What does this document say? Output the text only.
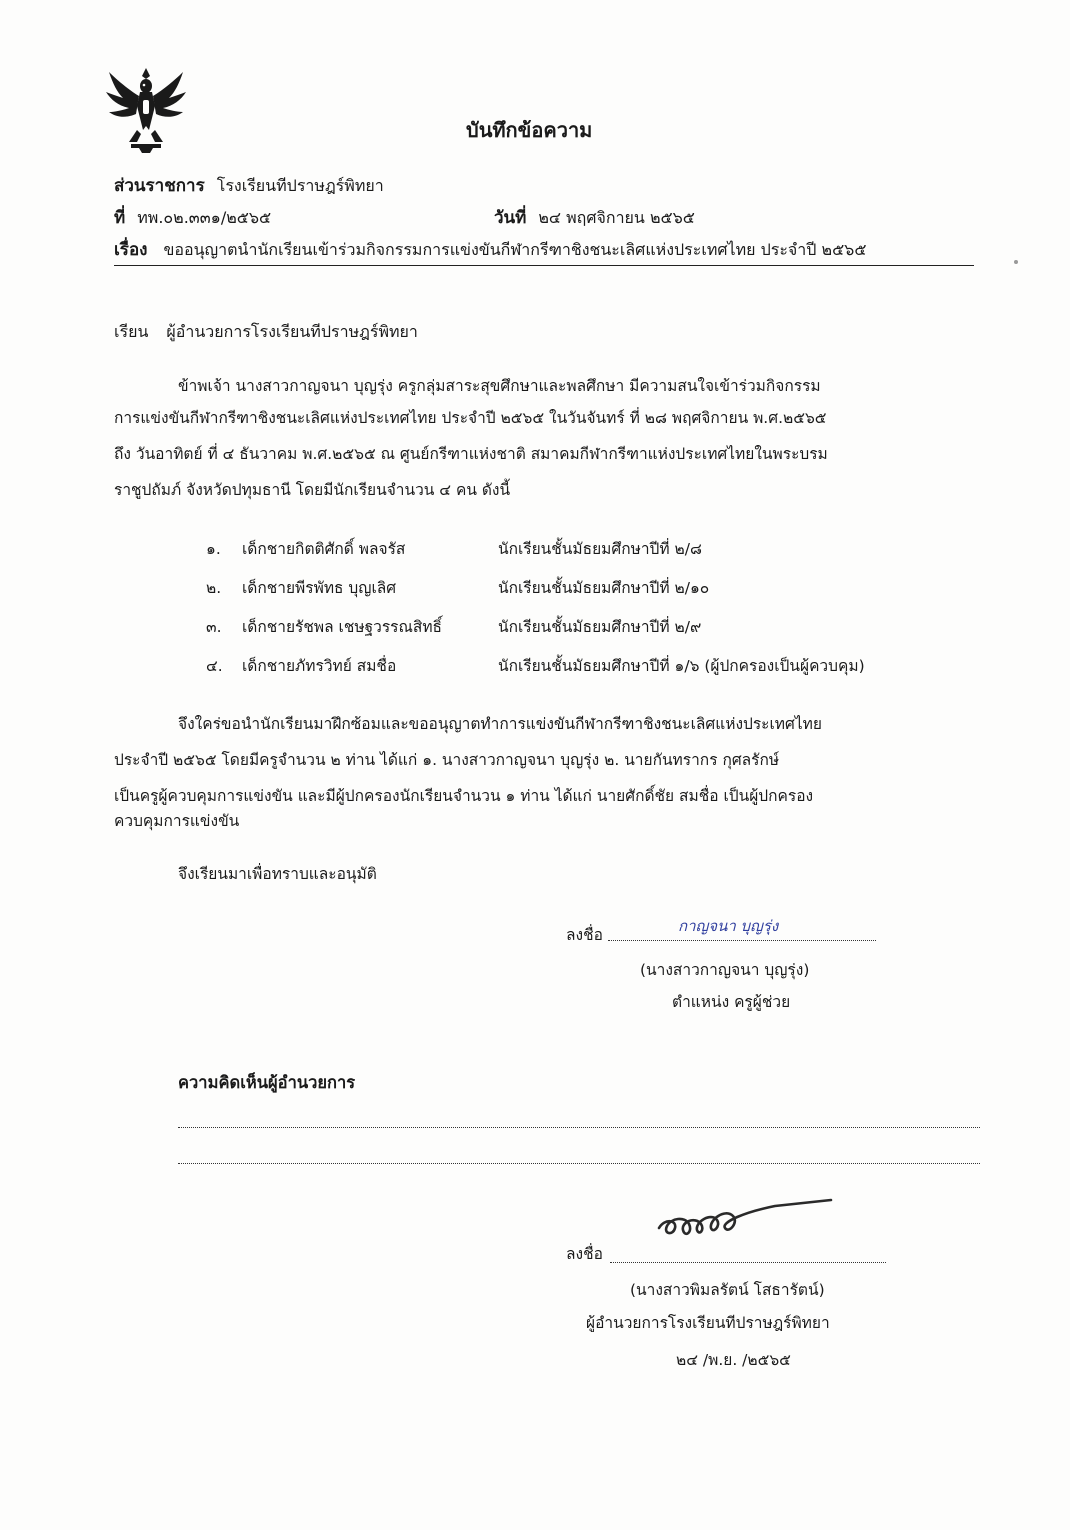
บันทึกข้อความ
ส่วนราชการ โรงเรียนทีปราษฎร์พิทยา
ที่ ทพ.๐๒.๓๓๑/๒๕๖๕	วันที่ ๒๔ พฤศจิกายน ๒๕๖๕
เรื่อง ขออนุญาตนำนักเรียนเข้าร่วมกิจกรรมการแข่งขันกีฬากรีฑาชิงชนะเลิศแห่งประเทศไทย ประจำปี ๒๕๖๕
เรียน ผู้อำนวยการโรงเรียนทีปราษฎร์พิทยา
ข้าพเจ้า นางสาวกาญจนา บุญรุ่ง ครูกลุ่มสาระสุขศึกษาและพลศึกษา มีความสนใจเข้าร่วมกิจกรรม
การแข่งขันกีฬากรีฑาชิงชนะเลิศแห่งประเทศไทย ประจำปี ๒๕๖๕ ในวันจันทร์ ที่ ๒๘ พฤศจิกายน พ.ศ.๒๕๖๕
ถึง วันอาทิตย์ ที่ ๔ ธันวาคม พ.ศ.๒๕๖๕ ณ ศูนย์กรีฑาแห่งชาติ สมาคมกีฬากรีฑาแห่งประเทศไทยในพระบรม
ราชูปถัมภ์ จังหวัดปทุมธานี โดยมีนักเรียนจำนวน ๔ คน ดังนี้
๑. เด็กชายกิตติศักดิ์ พลจรัส	นักเรียนชั้นมัธยมศึกษาปีที่ ๒/๘
๒. เด็กชายพีรพัทธ บุญเลิศ	นักเรียนชั้นมัธยมศึกษาปีที่ ๒/๑๐
๓. เด็กชายรัชพล เชษฐวรรณสิทธิ์	นักเรียนชั้นมัธยมศึกษาปีที่ ๒/๙
๔. เด็กชายภัทรวิทย์ สมชื่อ	นักเรียนชั้นมัธยมศึกษาปีที่ ๑/๖ (ผู้ปกครองเป็นผู้ควบคุม)
จึงใคร่ขอนำนักเรียนมาฝึกซ้อมและขออนุญาตทำการแข่งขันกีฬากรีฑาชิงชนะเลิศแห่งประเทศไทย
ประจำปี ๒๕๖๕ โดยมีครูจำนวน ๒ ท่าน ได้แก่ ๑. นางสาวกาญจนา บุญรุ่ง ๒. นายกันทรากร กุศลรักษ์
เป็นครูผู้ควบคุมการแข่งขัน และมีผู้ปกครองนักเรียนจำนวน ๑ ท่าน ได้แก่ นายศักดิ์ชัย สมชื่อ เป็นผู้ปกครอง
ควบคุมการแข่งขัน
จึงเรียนมาเพื่อทราบและอนุมัติ
ลงชื่อ	กาญจนา บุญรุ่ง
(นางสาวกาญจนา บุญรุ่ง)
ตำแหน่ง ครูผู้ช่วย
ความคิดเห็นผู้อำนวยการ
ลงชื่อ
(นางสาวพิมลรัตน์ โสธารัตน์)
ผู้อำนวยการโรงเรียนทีปราษฎร์พิทยา
๒๔ /พ.ย. /๒๕๖๕
